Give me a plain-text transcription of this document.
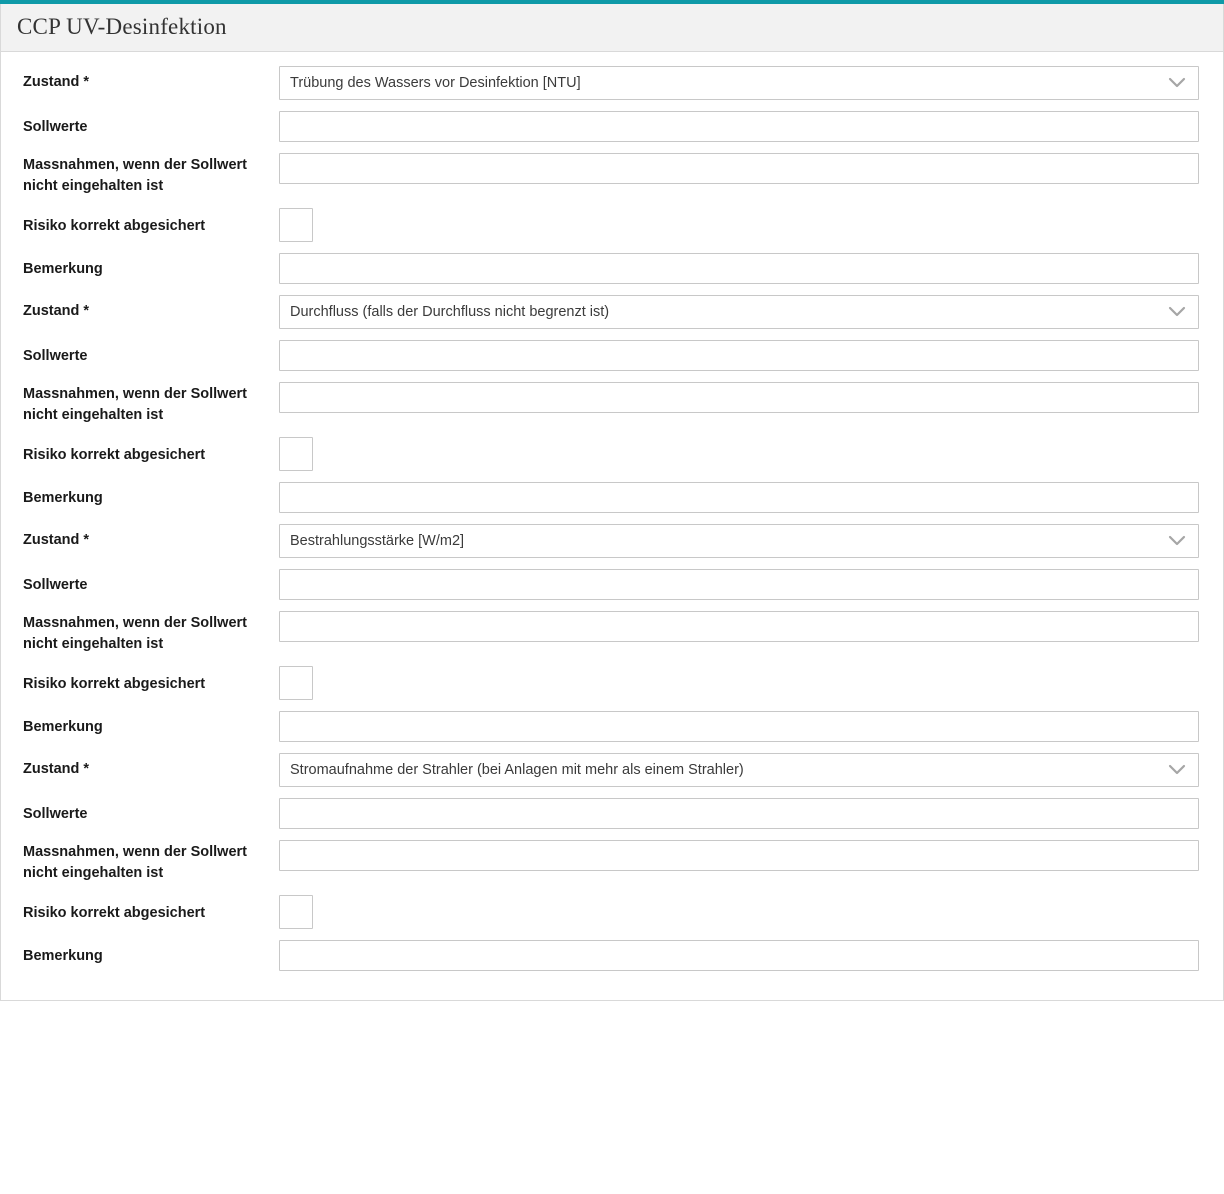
CCP UV-Desinfektion
Zustand *	Trübung des Wassers vor Desinfektion [NTU]
Sollwerte
Massnahmen, wenn der Sollwert nicht eingehalten ist
Risiko korrekt abgesichert
Bemerkung
Zustand *	Durchfluss (falls der Durchfluss nicht begrenzt ist)
Sollwerte
Massnahmen, wenn der Sollwert nicht eingehalten ist
Risiko korrekt abgesichert
Bemerkung
Zustand *	Bestrahlungsstärke [W/m2]
Sollwerte
Massnahmen, wenn der Sollwert nicht eingehalten ist
Risiko korrekt abgesichert
Bemerkung
Zustand *	Stromaufnahme der Strahler (bei Anlagen mit mehr als einem Strahler)
Sollwerte
Massnahmen, wenn der Sollwert nicht eingehalten ist
Risiko korrekt abgesichert
Bemerkung
